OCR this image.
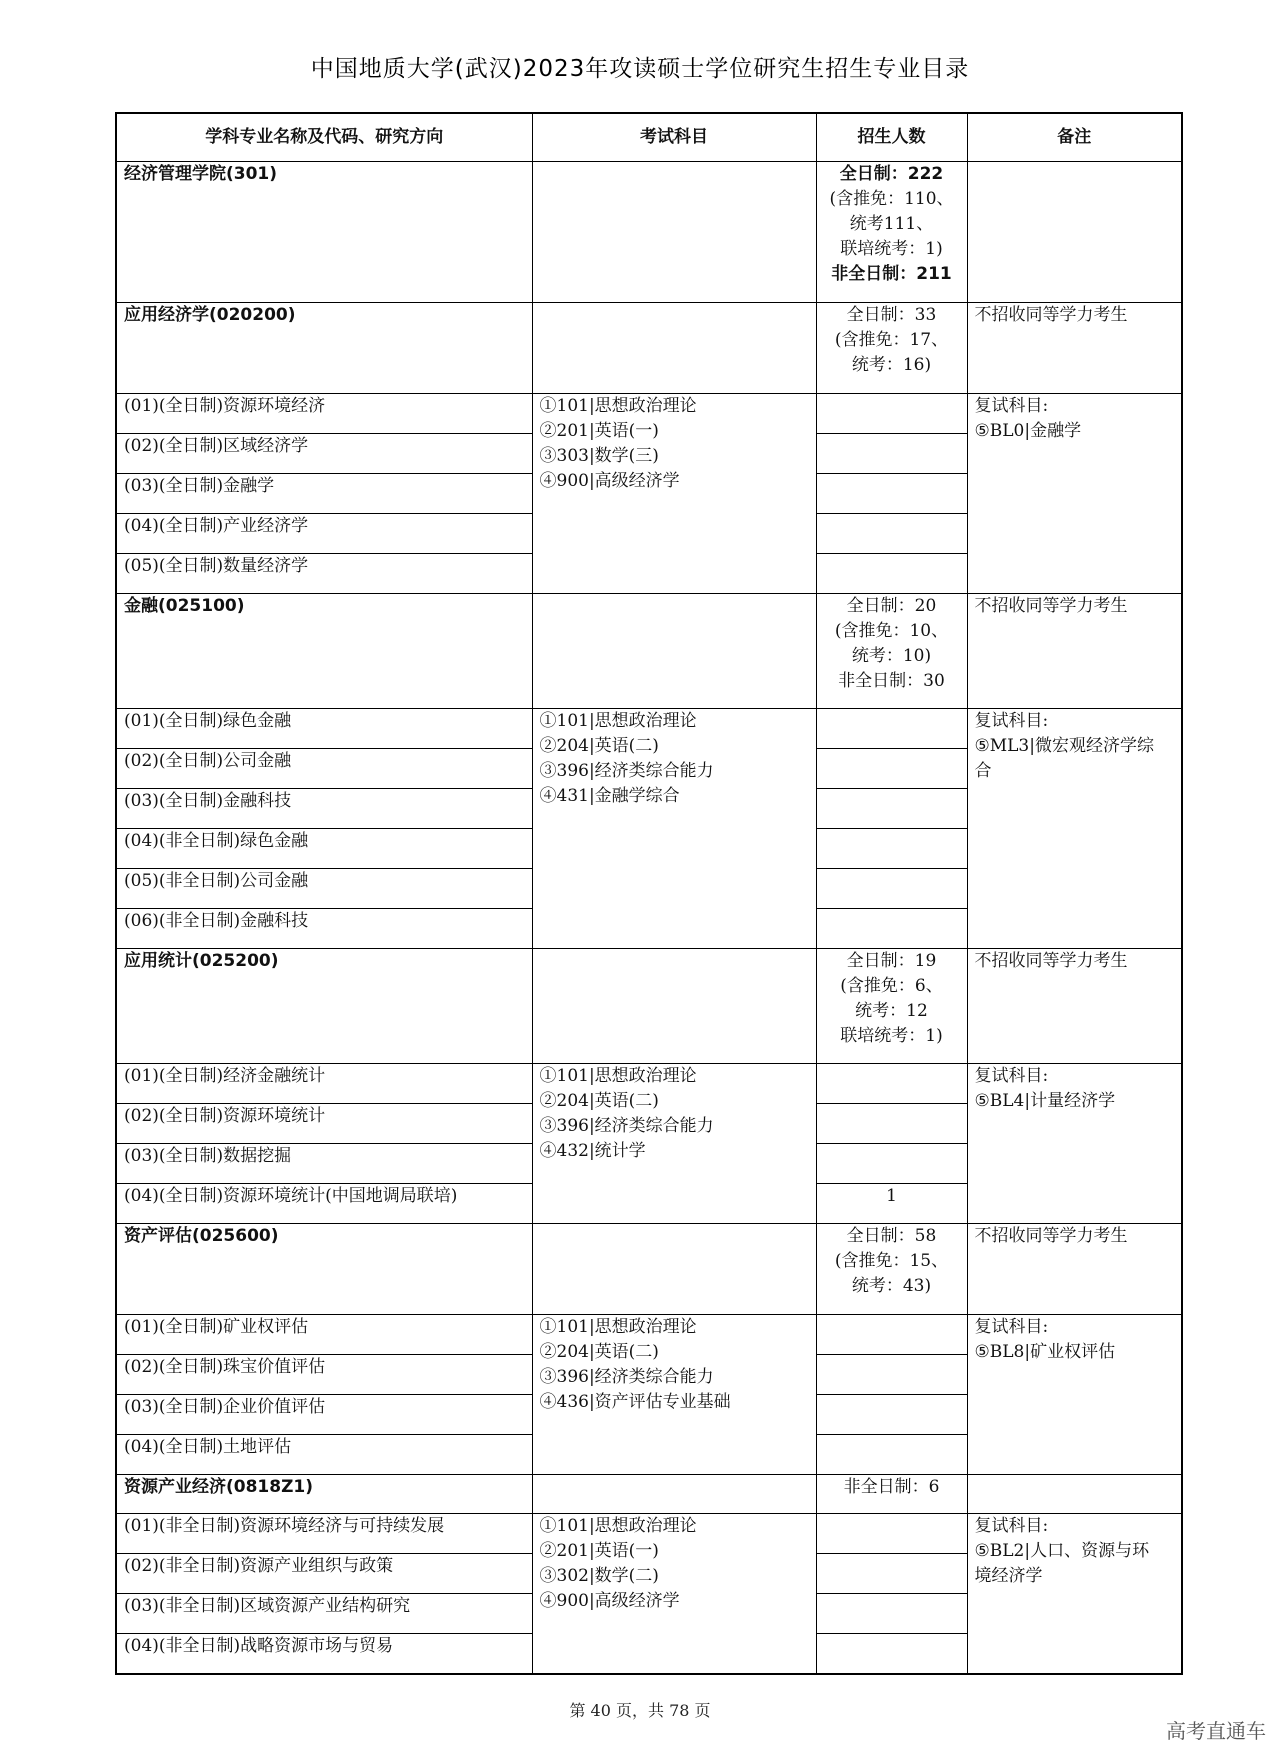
中国地质大学(武汉)2023年攻读硕士学位研究生招生专业目录
学科专业名称及代码、研究方向	考试科目	招生人数	备注
经济管理学院(301)		全日制：222
(含推免：110、
统考111、
联培统考：1)
非全日制：211	

应用经济学(020200)		全日制：33
(含推免：17、
统考：16)	不招收同等学力考生
(01)(全日制)资源环境经济	①101|思想政治理论
②201|英语(一)
③303|数学(三)
④900|高级经济学		复试科目:
⑤BL0|金融学

(02)(全日制)区域经济学			
(03)(全日制)金融学			
(04)(全日制)产业经济学			
(05)(全日制)数量经济学			
金融(025100)		全日制：20
(含推免：10、
统考：10)
非全日制：30	不招收同等学力考生
(01)(全日制)绿色金融	①101|思想政治理论
②204|英语(二)
③396|经济类综合能力
④431|金融学综合		复试科目:
⑤ML3|微宏观经济学综
合

(02)(全日制)公司金融			
(03)(全日制)金融科技			
(04)(非全日制)绿色金融			
(05)(非全日制)公司金融			
(06)(非全日制)金融科技			
应用统计(025200)		全日制：19
(含推免：6、
统考：12
联培统考：1)	不招收同等学力考生
(01)(全日制)经济金融统计	①101|思想政治理论
②204|英语(二)
③396|经济类综合能力
④432|统计学		复试科目:
⑤BL4|计量经济学

(02)(全日制)资源环境统计			
(03)(全日制)数据挖掘			
(04)(全日制)资源环境统计(中国地调局联培)		1	
资产评估(025600)		全日制：58
(含推免：15、
统考：43)	不招收同等学力考生
(01)(全日制)矿业权评估	①101|思想政治理论
②204|英语(二)
③396|经济类综合能力
④436|资产评估专业基础		复试科目:
⑤BL8|矿业权评估

(02)(全日制)珠宝价值评估			
(03)(全日制)企业价值评估			
(04)(全日制)土地评估			
资源产业经济(0818Z1)		非全日制：6	

(01)(非全日制)资源环境经济与可持续发展	①101|思想政治理论
②201|英语(一)
③302|数学(二)
④900|高级经济学		复试科目:
⑤BL2|人口、资源与环
境经济学

(02)(非全日制)资源产业组织与政策			
(03)(非全日制)区域资源产业结构研究			
(04)(非全日制)战略资源市场与贸易			
第 40 页，共 78 页
高考直通车
